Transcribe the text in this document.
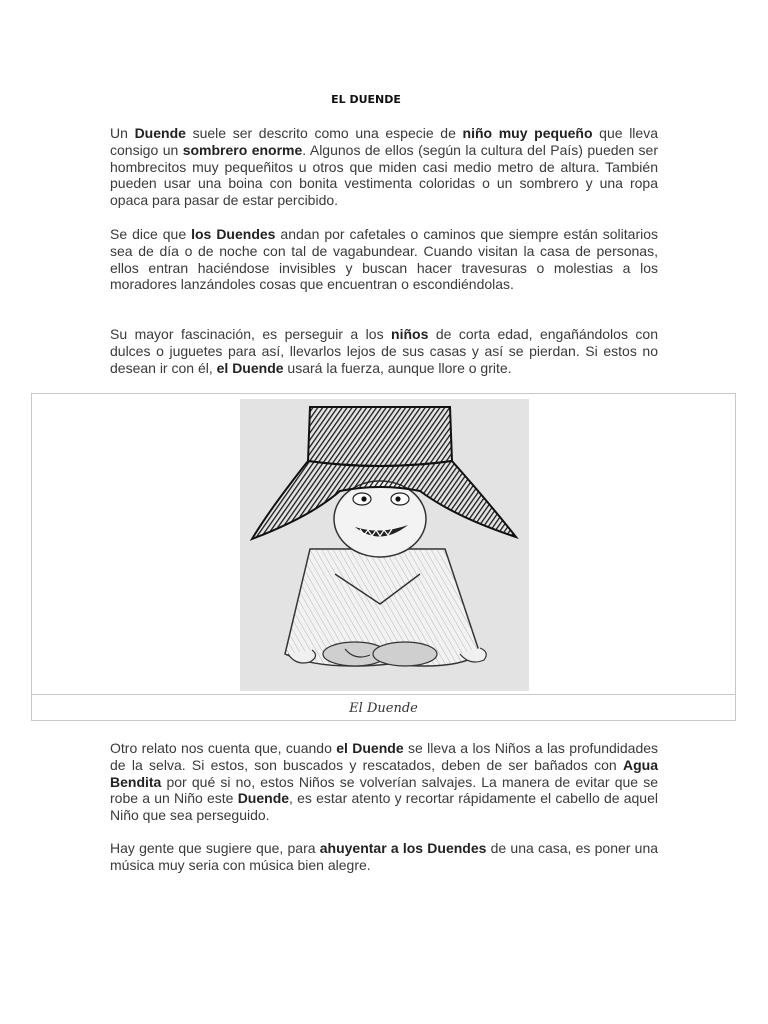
EL DUENDE
Un Duende suele ser descrito como una especie de niño muy pequeño que lleva consigo un sombrero enorme. Algunos de ellos (según la cultura del País) pueden ser hombrecitos muy pequeñitos u otros que miden casi medio metro de altura. También pueden usar una boina con bonita vestimenta coloridas o un sombrero y una ropa opaca para pasar de estar percibido.
Se dice que los Duendes andan por cafetales o caminos que siempre están solitarios sea de día o de noche con tal de vagabundear. Cuando visitan la casa de personas, ellos entran haciéndose invisibles y buscan hacer travesuras o molestias a los moradores lanzándoles cosas que encuentran o escondiéndolas.
Su mayor fascinación, es perseguir a los niños de corta edad, engañándolos con dulces o juguetes para así, llevarlos lejos de sus casas y así se pierdan. Si estos no desean ir con él, el Duende usará la fuerza, aunque llore o grite.
El Duende
Otro relato nos cuenta que, cuando el Duende se lleva a los Niños a las profundidades de la selva. Si estos, son buscados y rescatados, deben de ser bañados con Agua Bendita por qué si no, estos Niños se volverían salvajes. La manera de evitar que se robe a un Niño este Duende, es estar atento y recortar rápidamente el cabello de aquel Niño que sea perseguido.
Hay gente que sugiere que, para ahuyentar a los Duendes de una casa, es poner una música muy seria con música bien alegre.
